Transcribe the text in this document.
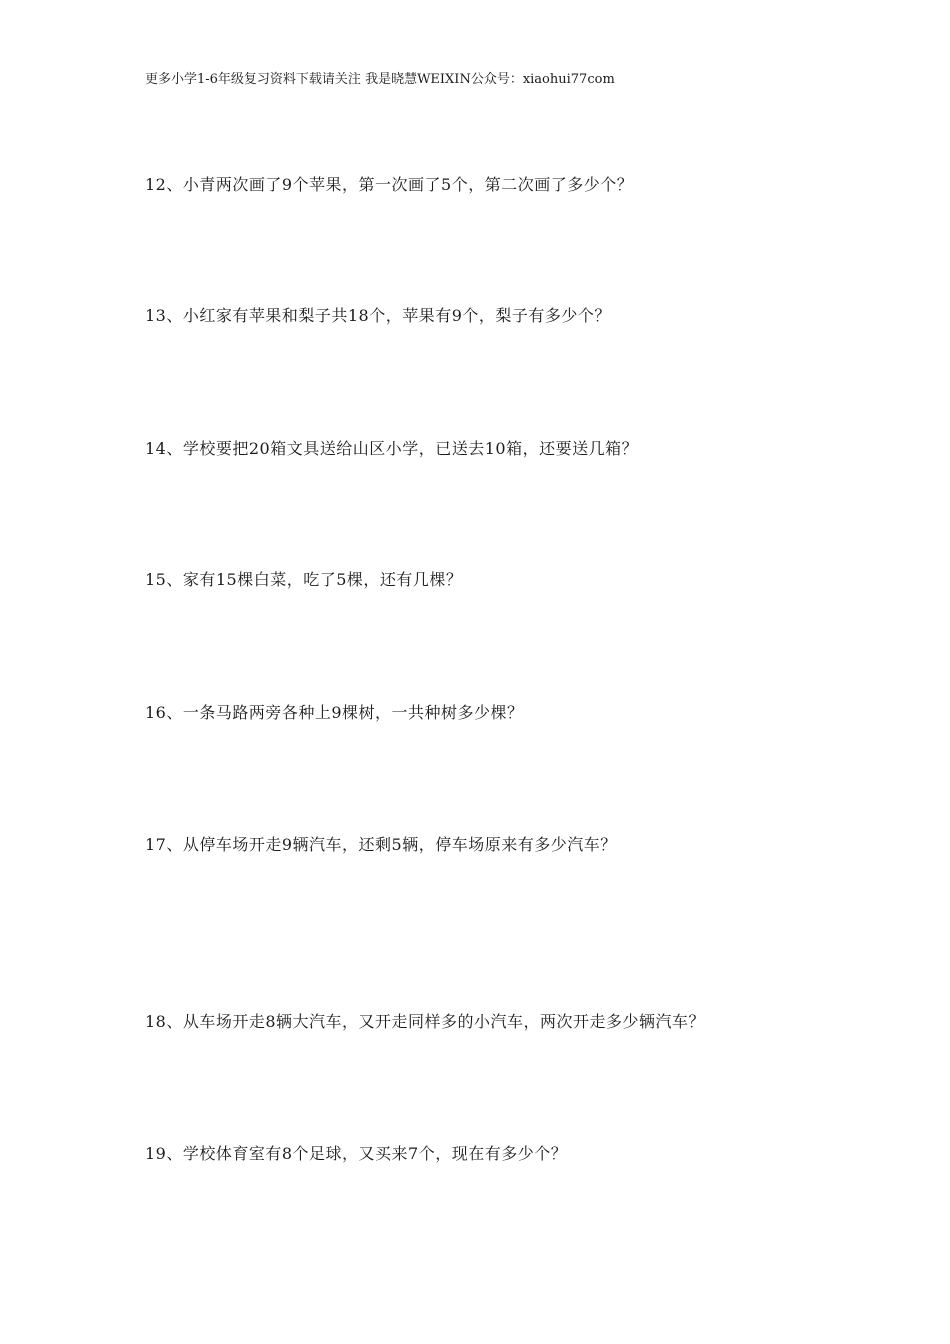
更多小学1-6年级复习资料下载请关注 我是晓慧WEIXIN公众号：xiaohui77com
12、小青两次画了9个苹果，第一次画了5个，第二次画了多少个？
13、小红家有苹果和梨子共18个，苹果有9个，梨子有多少个？
14、学校要把20箱文具送给山区小学，已送去10箱，还要送几箱？
15、家有15棵白菜，吃了5棵，还有几棵？
16、一条马路两旁各种上9棵树，一共种树多少棵？
17、从停车场开走9辆汽车，还剩5辆，停车场原来有多少汽车？
18、从车场开走8辆大汽车，又开走同样多的小汽车，两次开走多少辆汽车？
19、学校体育室有8个足球，又买来7个，现在有多少个？
